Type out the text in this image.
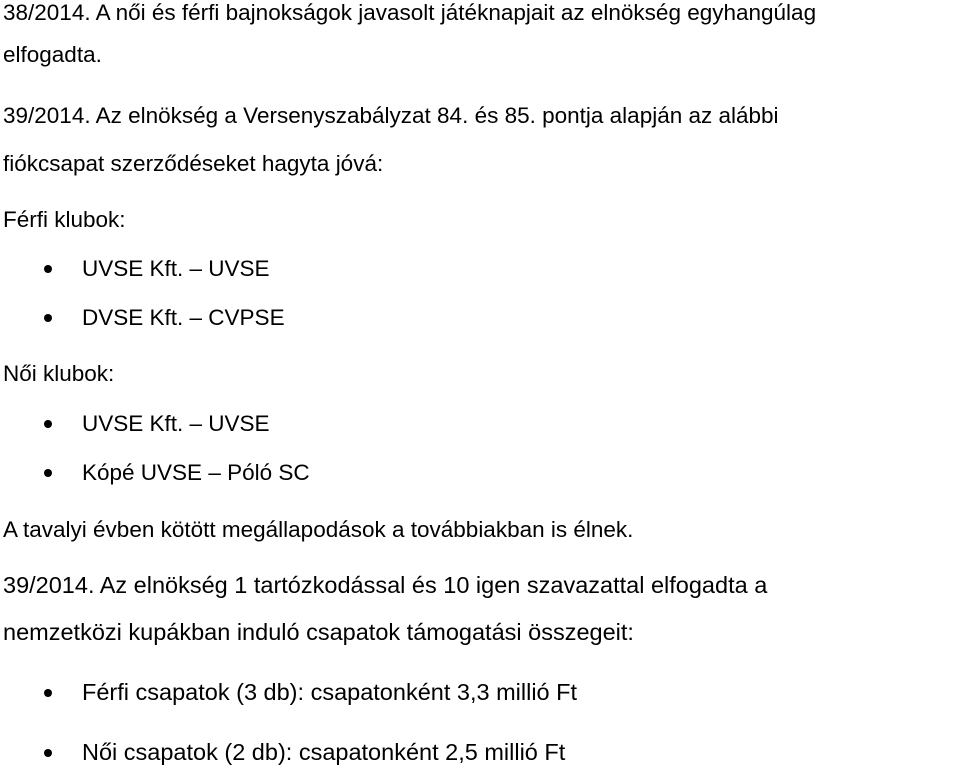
38/2014. A női és férfi bajnokságok javasolt játéknapjait az elnökség egyhangúlag
elfogadta.
39/2014. Az elnökség a Versenyszabályzat 84. és 85. pontja alapján az alábbi
fiókcsapat szerződéseket hagyta jóvá:
Férfi klubok:
UVSE Kft. – UVSE
DVSE Kft. – CVPSE
Női klubok:
UVSE Kft. – UVSE
Kópé UVSE – Póló SC
A tavalyi évben kötött megállapodások a továbbiakban is élnek.
39/2014. Az elnökség 1 tartózkodással és 10 igen szavazattal elfogadta a
nemzetközi kupákban induló csapatok támogatási összegeit:
Férfi csapatok (3 db): csapatonként 3,3 millió Ft
Női csapatok (2 db): csapatonként 2,5 millió Ft
